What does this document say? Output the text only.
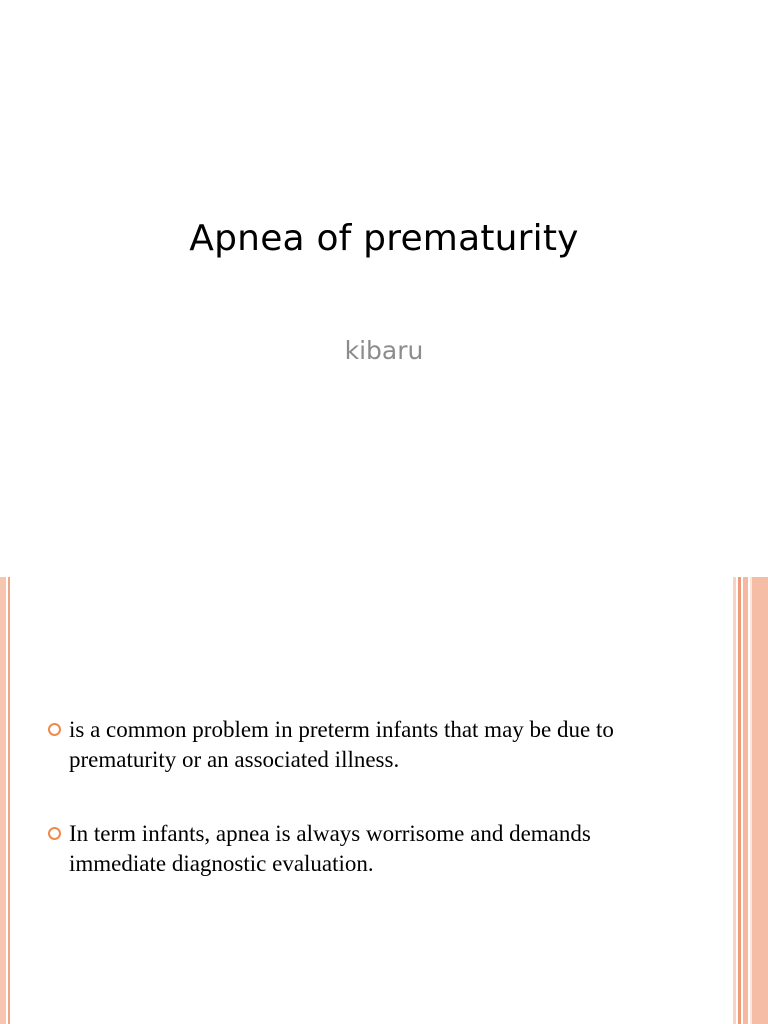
Apnea of prematurity
kibaru
is a common problem in preterm infants that may be due to prematurity or an associated illness.
In term infants, apnea is always worrisome and demands immediate diagnostic evaluation.
